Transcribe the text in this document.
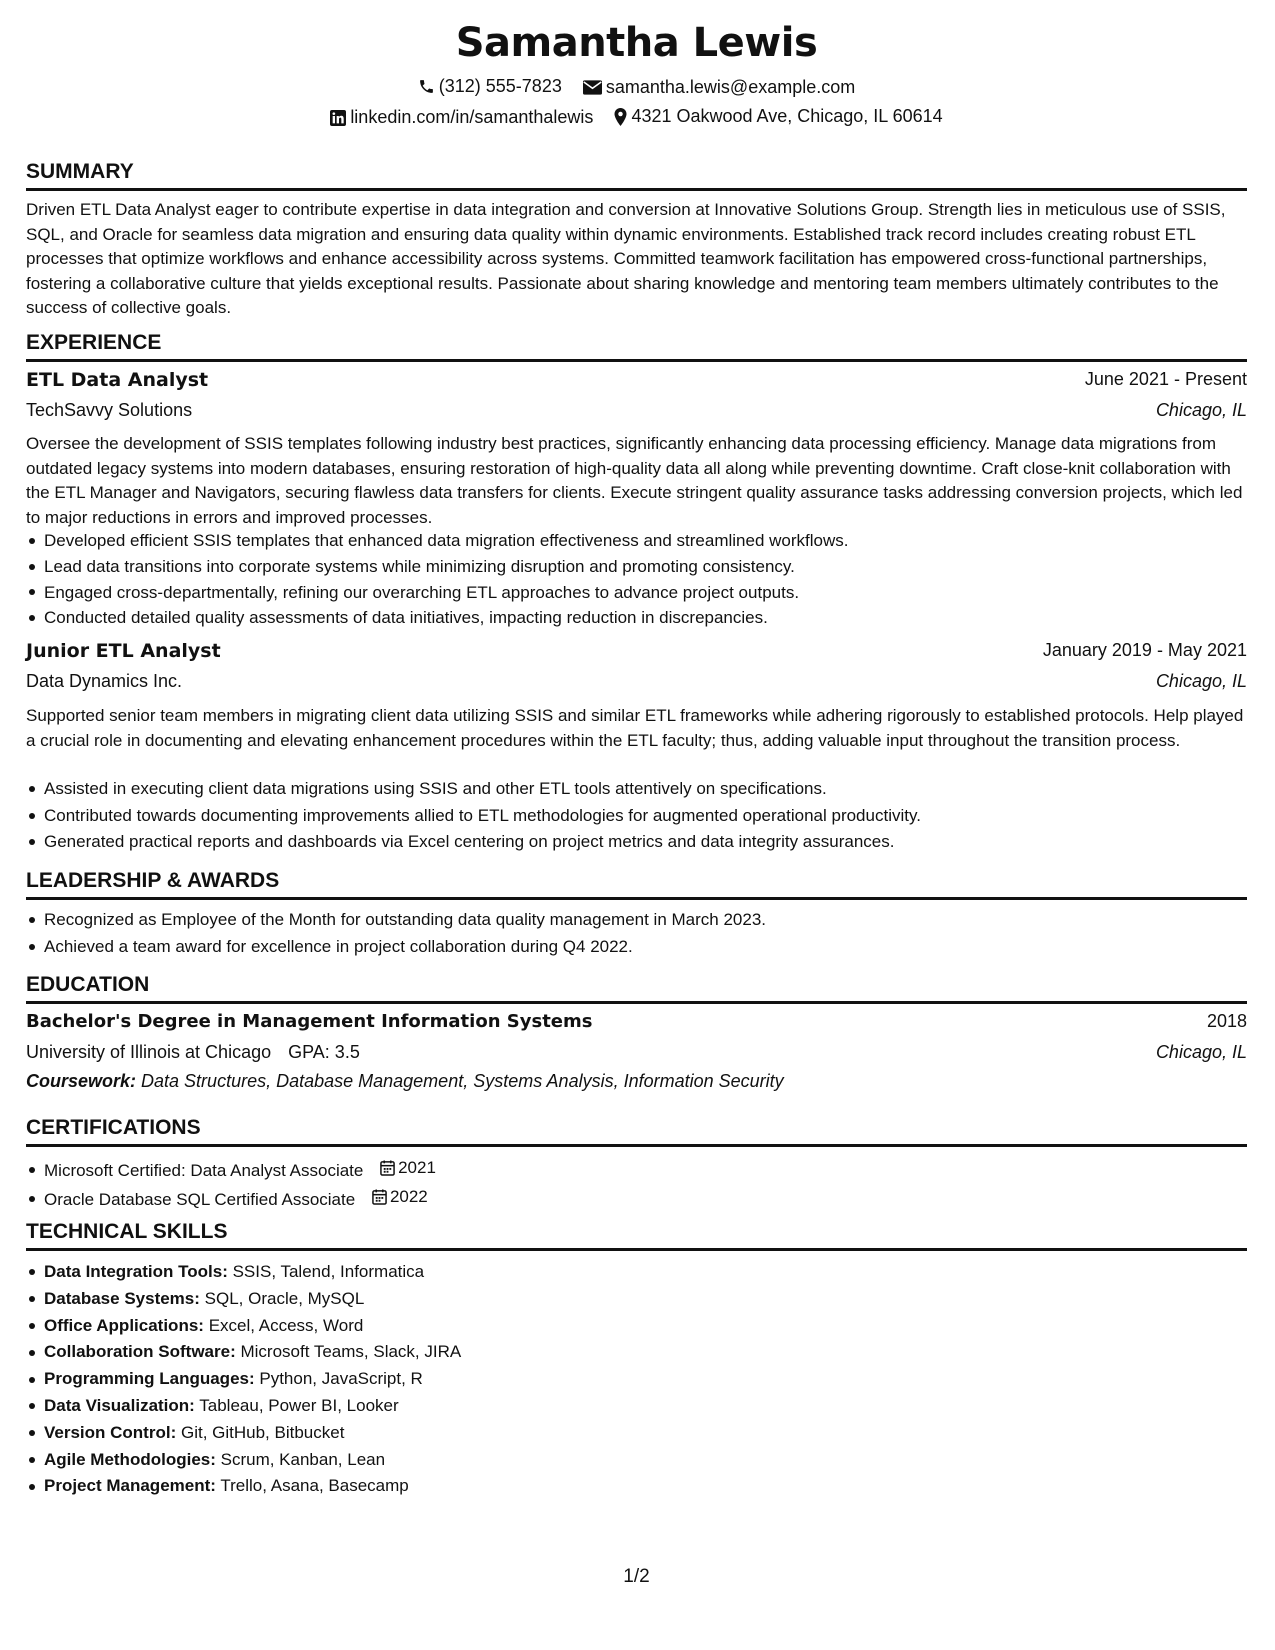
Samantha Lewis
(312) 555-7823
samantha.lewis@example.com
linkedin.com/in/samanthalewis
4321 Oakwood Ave, Chicago, IL 60614
SUMMARY
Driven ETL Data Analyst eager to contribute expertise in data integration and conversion at Innovative Solutions Group. Strength lies in meticulous use of SSIS, SQL, and Oracle for seamless data migration and ensuring data quality within dynamic environments. Established track record includes creating robust ETL processes that optimize workflows and enhance accessibility across systems. Committed teamwork facilitation has empowered cross-functional partnerships, fostering a collaborative culture that yields exceptional results. Passionate about sharing knowledge and mentoring team members ultimately contributes to the success of collective goals.
EXPERIENCE
ETL Data Analyst	June 2021 - Present
TechSavvy Solutions	Chicago, IL
Oversee the development of SSIS templates following industry best practices, significantly enhancing data processing efficiency. Manage data migrations from outdated legacy systems into modern databases, ensuring restoration of high-quality data all along while preventing downtime. Craft close-knit collaboration with the ETL Manager and Navigators, securing flawless data transfers for clients. Execute stringent quality assurance tasks addressing conversion projects, which led to major reductions in errors and improved processes.
Developed efficient SSIS templates that enhanced data migration effectiveness and streamlined workflows.
Lead data transitions into corporate systems while minimizing disruption and promoting consistency.
Engaged cross-departmentally, refining our overarching ETL approaches to advance project outputs.
Conducted detailed quality assessments of data initiatives, impacting reduction in discrepancies.
Junior ETL Analyst	January 2019 - May 2021
Data Dynamics Inc.	Chicago, IL
Supported senior team members in migrating client data utilizing SSIS and similar ETL frameworks while adhering rigorously to established protocols. Help played a crucial role in documenting and elevating enhancement procedures within the ETL faculty; thus, adding valuable input throughout the transition process.
Assisted in executing client data migrations using SSIS and other ETL tools attentively on specifications.
Contributed towards documenting improvements allied to ETL methodologies for augmented operational productivity.
Generated practical reports and dashboards via Excel centering on project metrics and data integrity assurances.
LEADERSHIP & AWARDS
Recognized as Employee of the Month for outstanding data quality management in March 2023.
Achieved a team award for excellence in project collaboration during Q4 2022.
EDUCATION
Bachelor's Degree in Management Information Systems	2018
University of Illinois at Chicago GPA: 3.5	Chicago, IL
Coursework: Data Structures, Database Management, Systems Analysis, Information Security
CERTIFICATIONS
Microsoft Certified: Data Analyst Associate 2021
Oracle Database SQL Certified Associate 2022
TECHNICAL SKILLS
Data Integration Tools: SSIS, Talend, Informatica
Database Systems: SQL, Oracle, MySQL
Office Applications: Excel, Access, Word
Collaboration Software: Microsoft Teams, Slack, JIRA
Programming Languages: Python, JavaScript, R
Data Visualization: Tableau, Power BI, Looker
Version Control: Git, GitHub, Bitbucket
Agile Methodologies: Scrum, Kanban, Lean
Project Management: Trello, Asana, Basecamp
1/2
